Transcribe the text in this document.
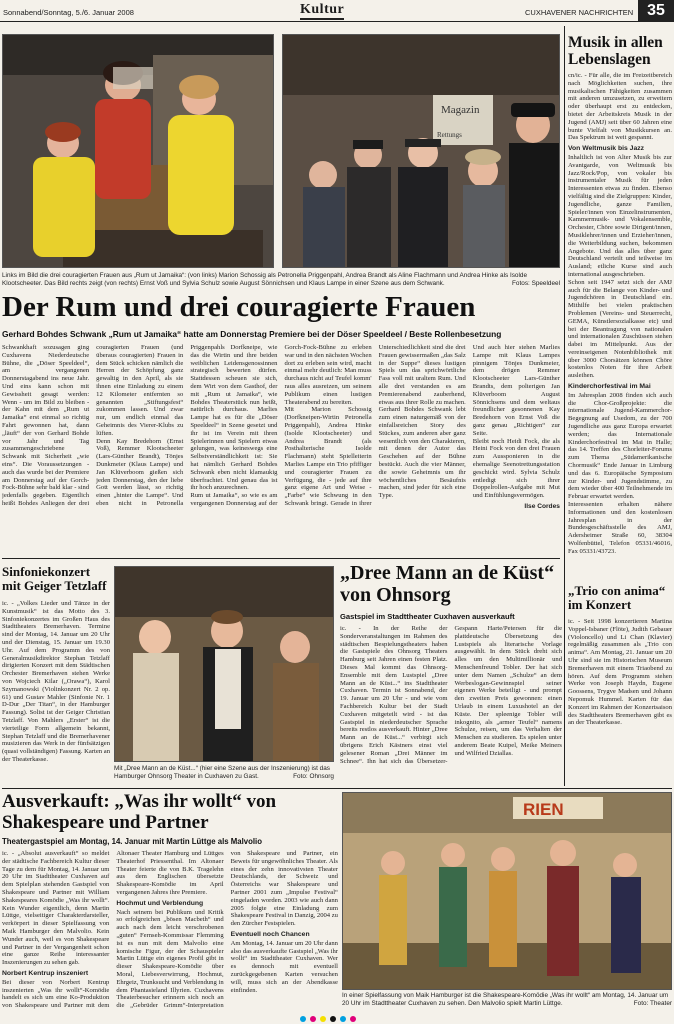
Sonnabend/Sonntag, 5./6. Januar 2008	Kultur	CUXHAVENER NACHRICHTEN 35
Magazin
Rettungs
Links im Bild die drei couragierten Frauen aus „Rum ut Jamaika“: (von links) Marion Schossig als Petronella Priggenpahl, Andrea Brandt als Aline Flachmann und Andrea Hinke als Isolde Klootscheeter. Das Bild rechts zeigt (von rechts) Ernst Voß und Sylvia Schulz sowie August Sönnichsen und Klaus Lampe in einer Szene aus dem Schwank.	Fotos: Speeldeel
Der Rum und drei couragierte Frauen
Gerhard Bohdes Schwank „Rum ut Jamaika“ hatte am Donnerstag Premiere bei der Döser Speeldeel / Beste Rollenbesetzung

Schwankhaft sozusagen ging Cuxhavens Niederdeutsche Bühne, die „Döser Speeldeel“, am vergangenen Donnerstagabend ins neue Jahr. Und eins kann schon mit Gewissheit gesagt werden: Wenn - um im Bild zu bleiben - der Kahn mit dem „Rum ut Jamaika“ erst einmal so richtig Fahrt gewonnen hat, dann „läuft“ der von Gerhard Bohde vor Jahr und Tag zusammengeschriebene Schwank mit Sicherheit „wie eins“. Die Voraussetzungen - auch das wurde bei der Premiere am Donnerstag auf der Gorch-Fock-Bühne sehr bald klar - sind jedenfalls gegeben. Eigentlich heißt Bohdes Anliegen der drei couragierten Frauen (und überaus couragierten) Frauen in dem Stück schicken nämlich die Herren der Schöpfung ganz gewaltig in den April, als sie ihnen eine Einladung zu einem 12 Kilometer entfernten so genannten „Stiftungsfest“ zukommen lassen. Und zwar nur, um endlich einmal das Geheimnis des Vierer-Klubs zu lüften.

Denn Kay Bredehorn (Ernst Voß), Remmer Klootscheeter (Lars-Günther Brandt), Tönjes Dunkmeier (Klaus Lampe) und Jan Klüverboom gießen sich jeden Donnerstag, den der liebe Gott werden lässt, so richtig einen „hinter die Lampe“. Und eben nicht in Petronella Priggenpahls Dorfkneipe, wie das die Wirtin und ihre beiden weiblichen Leidensgenossinnen strategisch bewerten dürfen. Stattdessen scheuen sie sich, dem Wirt von dem Gasthof, der mit „Rum ut Jamaika“, wie Bohdes Theaterstück nun heißt, natürlich durchaus. Marlies Lampe hat es für die „Döser Speeldeel“ in Szene gesetzt und ihr ist im Verein mit ihren Spielerinnen und Spielern etwas gelungen, was keineswegs eine Selbstverständlichkeit ist: Sie hat nämlich Gerhard Bohdes Schwank eben nicht klamaukig überfrachtet. Und genau das ist ihr hoch anzurechnen.

Rum ut Jamaika“, so wie es am vergangenen Donnerstag auf der Gorch-Fock-Bühne zu erleben war und in den nächsten Wochen dort zu erleben sein wird, macht einmal mehr deutlich: Man muss durchaus nicht auf Teufel komm' raus alles ausreizen, um seinem Publikum einen lustigen Theaterabend zu bereiten.

Mit Marion Schossig (Dorfkneipen-Wirtin Petronella Priggenpahl), Andrea Hinke (Isolde Klootscheeter) und Andrea Brandt (als Posthalterische Isolde Flachmann) steht Spielleiterin Marlies Lampe ein Trio pfiffiger und couragierter Frauen zu Verfügung, die - jede auf ihre ganz eigene Art und Weise - „Farbe“ wie Schwung in den Schwank bringt. Gerade in ihrer Unterschiedlichkeit sind die drei Frauen gewissermaßen „das Salz in der Suppe“ dieses lustigen Spiels um das sprichwörtliche Fass voll mit uraltem Rum. Und alle drei verstanden es am Premierenabend zauberhend, etwas aus ihrer Rolle zu machen.

Gerhard Bohdes Schwank lebt zum einen naturgemäß von der einfallsreichen Story des Stückes, zum anderen aber ganz wesentlich von den Charakteren, mit denen der Autor das Geschehen auf der Bühne bestückt. Auch die vier Männer, die sowie Geheimnis um ihr wöchentliches Besäufnis machen, sind jeder für sich eine Type.

Und auch hier stehen Marlies Lampe mit Klaus Lampes pinnigem Tönjes Dunkmeier, dem drögen Remmer Klootscheeter Lars-Günther Brandts, dem polterigen Jan Klüverboom August Sönnichsens und dem weltaus freundlicher gesonnenen Kay Bredehorn von Ernst Voß die ganz genau „Richtigen“ zur Seite.

Bleibt noch Heidi Fock, die als Heini Fock von den drei Frauen zum Aussponieren in die ehemalige Seenotrettungsstation geschickt wird. Sylvia Schulz entledigt sich ihrer Doppelrollen-Aufgabe mit Mut und Einfühlungsvermögen.

Ilse Cordes
Musik in allen Lebenslagen

cn/ic. - Für alle, die im Freizeitbereich nach Möglichkeiten suchen, ihre musikalischen Fähigkeiten zusammen mit anderen umzusetzen, zu erweitern oder überhaupt erst zu entdecken, bietet der Arbeitskreis Musik in der Jugend (AMJ) seit über 60 Jahren eine bunte Vielfalt von Musikkursen an. Das Spektrum ist weit gespannt.

Von Weltmusik bis Jazz

Inhaltlich ist von Alter Musik bis zur Avantgarde, von Weltmusik bis Jazz/Rock/Pop, von vokaler bis instrumentaler Musik für jeden Interessenten etwas zu finden. Ebenso vielfältig sind die Zielgruppen: Kinder, Jugendliche, ganze Familien, Spieler/innen von Einzelinstrumenten, Kammermusik- und Vokalensemble, Orchester, Chöre sowie Dirigent/innen, Musiklehrer/innen und Erzieher/innen, die Weiterbildung suchen, bekommen Angebote. Und das alles über ganz Deutschland verteilt und teilweise im Ausland; etliche Kurse sind auch international ausgeschrieben.

Schon seit 1947 setzt sich der AMJ auch für die Belange von Kinder- und Jugendchören in Deutschland ein. Mithilfe bei vielen praktischen Problemen (Vereins- und Steuerrecht, GEMA, Künstlersozialkasse etc) und bei der Beantragung von nationalen und internationalen Zuschüssen stehen dabei im Mittelpunkt. Aus der vereinseigenen Notenbibliothek mit über 3000 Chorsätzen können Chöre kostenlos Noten für ihre Arbeit ausleihen.

Kinderchorfestival im Mai

Im Jahresplan 2008 finden sich auch die Chor-Großprojekte: die internationale Jugend-Kammerchor-Begegnung auf Usedom, zu der 700 Jugendliche aus ganz Europa erwartet werden; das Internationale Kinderchorfestival im Mai in Halle; das 14. Treffen des Chorleiter-Forums zum Thema „Südamerikanische Chormusik“ Ende Januar in Limburg und das 6. Europäische Symposium zur Kinder- und Jugendstimme, zu dem wieder über 400 Teilnehmende im Februar erwartet werden.

Interessenten erhalten nähere Informationen und den kostenlosen Jahresplan in der Bundesgeschäftsstelle des AMJ, Adersheimer Straße 60, 38304 Wolfenbüttel, Telefon 05331/46016, Fax 05331/43723.

Sinfoniekonzert mit Geiger Tetzlaff
ic. - „Volkes Lieder und Tänze in der Kunstmusik“ ist das Motto des 3. Sinfoniekonzertes im Großen Haus des Stadttheaters Bremerhaven. Termine sind der Montag, 14. Januar um 20 Uhr und der Dienstag, 15. Januar um 19.30 Uhr. Auf dem Programm des von Generalmusikdirektor Stephan Tetzlaff dirigierten Konzert mit dem Städtischen Orchester Bremerhaven stehen Werke von Wojciech Kilar („Orawa“), Karol Szymanowski (Violinkonzert Nr. 2 op. 61) und Gustav Mahler (Sinfonie Nr. 1 D-Dur „Der Titan“, in der Hamburger Fassung). Solist ist der Geiger Christian Tetzlaff. Von Mahlers „Erster“ ist die vierteilige Form allgemein bekannt, Stephan Tetzlaff und die Bremerhavener musizieren das Werk in der fünfsätzigen (quasi vollständigen) Fassung. Karten an der Theaterkasse.
Mit „Dree Mann an de Küst...“ (hier eine Szene aus der Inszenierung) ist das Hamburger Ohnsorg Theater in Cuxhaven zu Gast.	Foto: Ohnsorg
„Dree Mann an de Küst“ von Ohnsorg
Gastspiel im Stadttheater Cuxhaven ausverkauft
ic. - In der Reihe der Sonderveranstaltungen im Rahmen des städtischen Bespielungstheaters haben die Gastspiele des Ohnsorg Theaters Hamburg seit Jahren einen festen Platz. Dieses Mal kommt das Ohnsorg-Ensemble mit dem Lustspiel „Dree Mann an de Küst...“ ins Stadttheater Cuxhaven. Termin ist Sonnabend, der 19. Januar um 20 Uhr - und wie vom Fachbereich Kultur bei der Stadt Cuxhaven mitgeteilt wird - ist das Gastspiel in niederdeutscher Sprache bereits restlos ausverkauft. Hinter „Dree Mann an de Küst...“ verbirgt sich übrigens Erich Kästners einst viel gelesener Roman „Drei Männer im Schnee“. Ihn hat sich das Übersetzer-Gespann Harte/Petersen für die plattdeutsche Übersetzung des Lustspiels als literarische Vorlage ausgewählt. In dem Stück dreht sich alles um den Multimillionär und Menschenfreund Tobler. Der hat sich unter dem Namen „Schulze“ an dem Werbeslogan-Gewinnspiel seiner eigenen Werke beteiligt - und prompt den zweiten Preis gewonnen: einen Urlaub in einem Luxushotel an der Küste. Der spleenige Tobler will inkognito, als „armer Teufel“ namens Schulze, reisen, um das Verhalten der Menschen zu studieren. Es spielen unter anderem Beate Kuipel, Meike Meiners und Wilfried Dziallas.
„Trio con anima“ im Konzert
ic. - Seit 1998 konzertieren Martina Voppel-Isbaner (Flöte), Judith Gebauer (Violoncello) und Li Chan (Klavier) regelmäßig zusammen als „Trio con anima“. Am Montag, 21. Januar um 20 Uhr sind sie im Historischen Museum Bremerhaven mit einem Triaobend zu hören. Auf dem Programm stehen Werke von Joseph Haydn, Eugene Goossens, Trygve Madsen und Johann Nepomuk Hummel. Karten für das Konzert im Rahmen der Konzertsaison des Stadttheaters Bremerhaven gibt es an der Theaterkasse.
Ausverkauft: „Was ihr wollt“ von Shakespeare und Partner
Theatergastspiel am Montag, 14. Januar mit Martin Lüttge als Malvolio

ic. - „Absolut ausverkauft“ so meldet der städtische Fachbereich Kultur dieser Tage zu dem für Montag, 14. Januar um 20 Uhr im Stadttheater Cuxhaven auf dem Spielplan stehenden Gastspiel von Shakespeare und Partner mit William Shakespeares Komödie „Was ihr wollt“. Kein Wunder eigentlich, denn Martin Lüttge, vielseitiger Charakterdarsteller, verkörpert in dieser Spielfassung von Maik Hamburger den Malvolio. Kein Wunder auch, weil es von Shakespeare und Partner in der Vergangenheit schon eine ganze Reihe interessanter Inszenierungen zu sehen gab.

Norbert Kentrup inszeniert

Bei dieser von Norbert Kentrup inszenierten „Was ihr wollt“-Komödie handelt es sich um eine Ko-Produktion von Shakespeare und Partner mit dem Altonaer Theater Hamburg und Lüttges Theaterhof Priessenthal. Im Altonaer Theater feierte die von B.K. Tragelehn aus dem Englischen übersetzte Shakespeare-Komödie im April vergangenen Jahres ihre Premiere.

Hochmut und Verblendung

Nach seinem bei Publikum und Kritik so erfolgreichen „bösen Macbeth“ und auch nach dem leicht verschrobenen „guten“ Fernseh-Kommissar Flemming ist es nun mit dem Malvolio eine komische Figur, der der Schauspieler Martin Lüttge ein eigenes Profil gibt in dieser Shakespeare-Komödie über Moral, Liebesverwirrung, Hochmut, Ehrgeiz, Trunksucht und Verblendung in dem Phantasieland Illyrien. Cuxhavens Theaterbesucher erinnern sich noch an die „Gebrüder Grimm“-Interpretation von Shakespeare und Partner, ein Beweis für ungewöhnliches Theater. Als eines der zehn innovativsten Theater Deutschlands, der Schweiz und Österreichs war Shakespeare und Partner 2001 zum „Impulse Festival“ eingeladen worden. 2003 wie auch dann 2005 folgte eine Einladung zum Shakespeare Festival in Danzig, 2004 zu den Zürcher Festspielen.

Eventuell noch Chancen

Am Montag, 14. Januar um 20 Uhr dann also das ausverkaufte Gastspiel „Was ihr wollt“ im Stadttheater Cuxhaven. Wer es dennoch mit eventuell zurückgegebenen Karten versuchen will, muss sich an der Abendkasse einfinden.

RIEN
In einer Spielfassung von Maik Hamburger ist die Shakespeare-Komödie „Was ihr wollt“ am Montag, 14. Januar um 20 Uhr im Stadttheater Cuxhaven zu sehen. Den Malvolio spielt Martin Lüttge.	Foto: Theater
